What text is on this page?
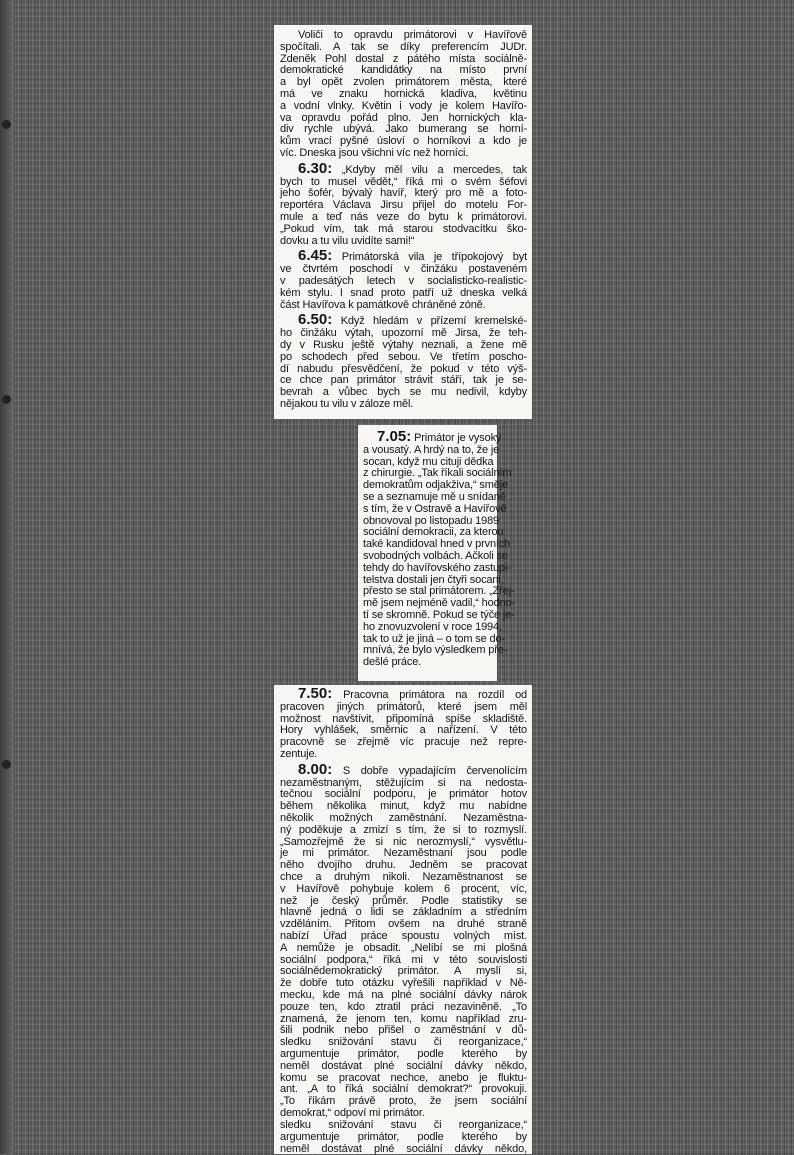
Voliči to opravdu primátorovi v Havířově
spočítali. A tak se díky preferencím JUDr.
Zdeněk Pohl dostal z pátého místa sociálně-
demokratické kandidátky na místo první
a byl opět zvolen primátorem města, které
má ve znaku hornická kladiva, květinu
a vodní vlnky. Květin i vody je kolem Havířo-
va opravdu pořád plno. Jen hornických kla-
div rychle ubývá. Jako bumerang se horní-
kům vrací pyšné úsloví o horníkovi a kdo je
víc. Dneska jsou všichni víc než horníci.
6.30: „Kdyby měl vilu a mercedes, tak
bych to musel vědět,“ říká mi o svém šéfovi
jeho šofér, bývalý havíř, který pro mě a foto-
reportéra Václava Jirsu přijel do motelu For-
mule a teď nás veze do bytu k primátorovi.
„Pokud vím, tak má starou stodvacítku ško-
dovku a tu vilu uvidíte sami!“
6.45: Primátorská vila je třípokojový byt
ve čtvrtém poschodí v činžáku postaveném
v padesátých letech v socialisticko-realistic-
kém stylu. I snad proto patří už dneska velká
část Havířova k památkově chráněné zóně.
6.50: Když hledám v přízemí kremelské-
ho činžáku výtah, upozorní mě Jirsa, že teh-
dy v Rusku ještě výtahy neznali, a žene mě
po schodech před sebou. Ve třetím poscho-
dí nabudu přesvědčení, že pokud v této výš-
ce chce pan primátor strávit stáří, tak je se-
bevrah a vůbec bych se mu nedivil, kdyby
nějakou tu vilu v záloze měl.
7.05: Primátor je vysoký
a vousatý. A hrdý na to, že je
socan, když mu cituji dědka
z chirurgie. „Tak říkali sociálním
demokratům odjakživa,“ směje
se a seznamuje mě u snídaně
s tím, že v Ostravě a Havířově
obnovoval po listopadu 1989
sociální demokracii, za kterou
také kandidoval hned v prvních
svobodných volbách. Ačkoli se
tehdy do havířovského zastupi-
telstva dostali jen čtyři socani,
přesto se stal primátorem. „Zřej-
mě jsem nejméně vadil,“ hodno-
tí se skromně. Pokud se týče je-
ho znovuzvolení v roce 1994,
tak to už je jiná – o tom se do-
mnívá, že bylo výsledkem pře-
dešlé práce.
7.50: Pracovna primátora na rozdíl od
pracoven jiných primátorů, které jsem měl
možnost navštívit, připomíná spíše skladiště.
Hory vyhlášek, směrnic a nařízení. V této
pracovně se zřejmě víc pracuje než repre-
zentuje.
8.00: S dobře vypadajícím červenolícím
nezaměstnaným, stěžujícím si na nedosta-
tečnou sociální podporu, je primátor hotov
během několika minut, když mu nabídne
několik možných zaměstnání. Nezaměstna-
ný poděkuje a zmizí s tím, že si to rozmyslí.
„Samozřejmě že si nic nerozmyslí,“ vysvětlu-
je mi primátor. Nezaměstnaní jsou podle
něho dvojího druhu. Jedněm se pracovat
chce a druhým nikoli. Nezaměstnanost se
v Havířově pohybuje kolem 6 procent, víc,
než je český průměr. Podle statistiky se
hlavně jedná o lidi se základním a středním
vzděláním. Přitom ovšem na druhé straně
nabízí Úřad práce spoustu volných míst.
A nemůže je obsadit. „Nelíbí se mi plošná
sociální podpora,“ říká mi v této souvislosti
sociálnědemokratický primátor. A myslí si,
že dobře tuto otázku vyřešili například v Ně-
mecku, kde má na plné sociální dávky nárok
pouze ten, kdo ztratil práci nezaviněně. „To
znamená, že jenom ten, komu například zru-
šili podnik nebo přišel o zaměstnání v dů-
sledku snižování stavu či reorganizace,“
argumentuje primátor, podle kterého by
neměl dostávat plné sociální dávky někdo,
komu se pracovat nechce, anebo je fluktu-
ant. „A to říká sociální demokrat?“ provokuji.
„To říkám právě proto, že jsem sociální
demokrat,“ odpoví mi primátor.
sledku snižování stavu či reorganizace,“
argumentuje primátor, podle kterého by
neměl dostávat plné sociální dávky někdo,
